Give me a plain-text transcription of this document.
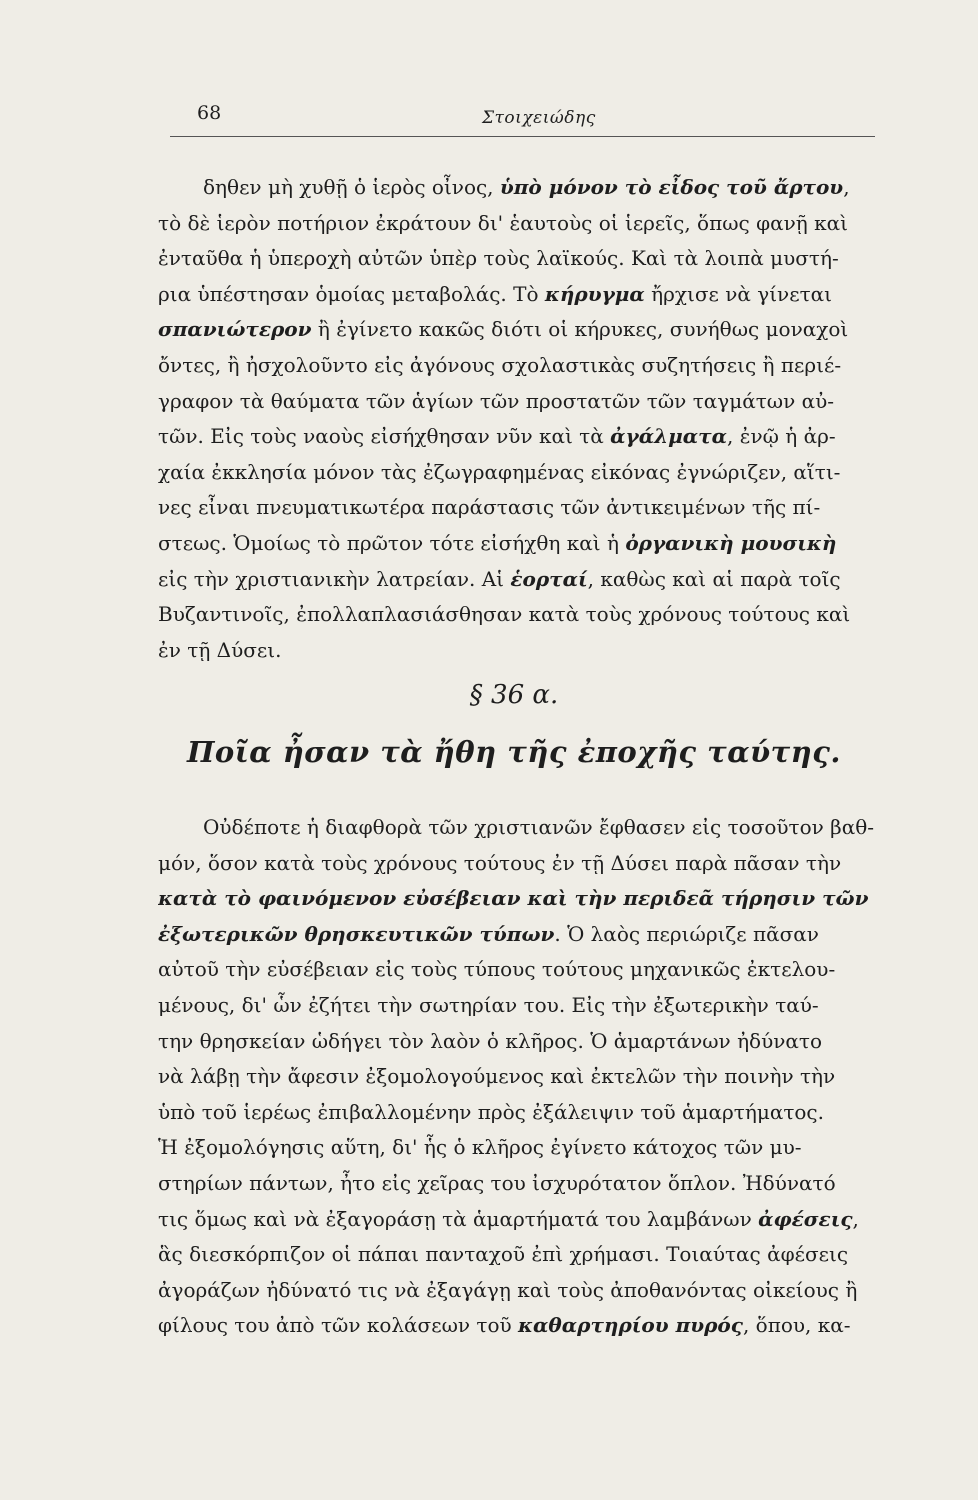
68	Στοιχειώδης
δηθεν μὴ χυθῇ ὁ ἱερὸς οἶνος, ὑπὸ μόνον τὸ εἶδος τοῦ ἄρτου,
τὸ δὲ ἱερὸν ποτήριον ἐκράτουν δι' ἑαυτοὺς οἱ ἱερεῖς, ὅπως φανῇ καὶ
ἐνταῦθα ἡ ὑπεροχὴ αὐτῶν ὑπὲρ τοὺς λαϊκούς. Καὶ τὰ λοιπὰ μυστή-
ρια ὑπέστησαν ὁμοίας μεταβολάς. Τὸ κήρυγμα ἤρχισε νὰ γίνεται
σπανιώτερον ἢ ἐγίνετο κακῶς διότι οἱ κήρυκες, συνήθως μοναχοὶ
ὄντες, ἢ ἠσχολοῦντο εἰς ἀγόνους σχολαστικὰς συζητήσεις ἢ περιέ-
γραφον τὰ θαύματα τῶν ἁγίων τῶν προστατῶν τῶν ταγμάτων αὐ-
τῶν. Εἰς τοὺς ναοὺς εἰσήχθησαν νῦν καὶ τὰ ἀγάλματα, ἐνῷ ἡ ἀρ-
χαία ἐκκλησία μόνον τὰς ἐζωγραφημένας εἰκόνας ἐγνώριζεν, αἵτι-
νες εἶναι πνευματικωτέρα παράστασις τῶν ἀντικειμένων τῆς πί-
στεως. Ὁμοίως τὸ πρῶτον τότε εἰσήχθη καὶ ἡ ὀργανικὴ μουσικὴ
εἰς τὴν χριστιανικὴν λατρείαν. Αἱ ἑορταί, καθὼς καὶ αἱ παρὰ τοῖς
Βυζαντινοῖς, ἐπολλαπλασιάσθησαν κατὰ τοὺς χρόνους τούτους καὶ
ἐν τῇ Δύσει.
§ 36 α.
Ποῖα ἦσαν τὰ ἤθη τῆς ἐποχῆς ταύτης.
Οὐδέποτε ἡ διαφθορὰ τῶν χριστιανῶν ἔφθασεν εἰς τοσοῦτον βαθ-
μόν, ὅσον κατὰ τοὺς χρόνους τούτους ἐν τῇ Δύσει παρὰ πᾶσαν τὴν
κατὰ τὸ φαινόμενον εὐσέβειαν καὶ τὴν περιδεᾶ τήρησιν τῶν
ἐξωτερικῶν θρησκευτικῶν τύπων. Ὁ λαὸς περιώριζε πᾶσαν
αὐτοῦ τὴν εὐσέβειαν εἰς τοὺς τύπους τούτους μηχανικῶς ἐκτελου-
μένους, δι' ὧν ἐζήτει τὴν σωτηρίαν του. Εἰς τὴν ἐξωτερικὴν ταύ-
την θρησκείαν ὡδήγει τὸν λαὸν ὁ κλῆρος. Ὁ ἁμαρτάνων ἠδύνατο
νὰ λάβῃ τὴν ἄφεσιν ἐξομολογούμενος καὶ ἐκτελῶν τὴν ποινὴν τὴν
ὑπὸ τοῦ ἱερέως ἐπιβαλλομένην πρὸς ἐξάλειψιν τοῦ ἁμαρτήματος.
Ἡ ἐξομολόγησις αὕτη, δι' ἧς ὁ κλῆρος ἐγίνετο κάτοχος τῶν μυ-
στηρίων πάντων, ἦτο εἰς χεῖρας του ἰσχυρότατον ὅπλον. Ἠδύνατό
τις ὅμως καὶ νὰ ἐξαγοράσῃ τὰ ἁμαρτήματά του λαμβάνων ἀφέσεις,
ἃς διεσκόρπιζον οἱ πάπαι πανταχοῦ ἐπὶ χρήμασι. Τοιαύτας ἀφέσεις
ἀγοράζων ἠδύνατό τις νὰ ἐξαγάγῃ καὶ τοὺς ἀποθανόντας οἰκείους ἢ
φίλους του ἀπὸ τῶν κολάσεων τοῦ καθαρτηρίου πυρός, ὅπου, κα-
